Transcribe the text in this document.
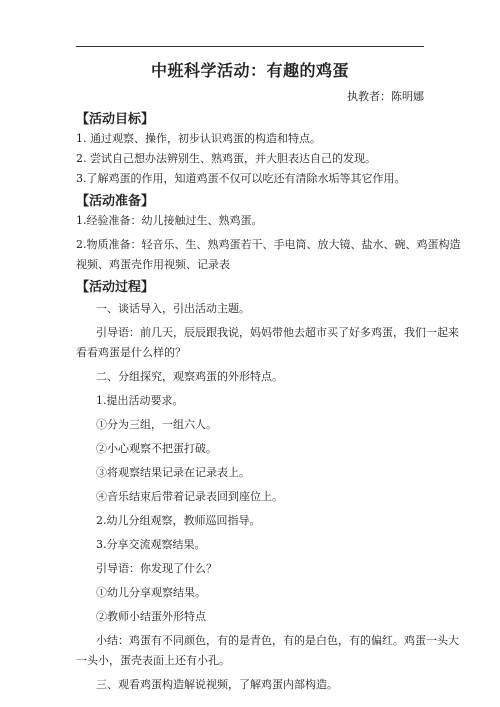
中班科学活动：有趣的鸡蛋
执教者：陈明娜
【活动目标】
1. 通过观察、操作，初步认识鸡蛋的构造和特点。
2. 尝试自己想办法辨别生、熟鸡蛋，并大胆表达自己的发现。
3.了解鸡蛋的作用，知道鸡蛋不仅可以吃还有清除水垢等其它作用。
【活动准备】
1.经验准备：幼儿接触过生、熟鸡蛋。
2.物质准备：轻音乐、生、熟鸡蛋若干、手电筒、放大镜、盐水、碗、鸡蛋构造
视频、鸡蛋壳作用视频、记录表
【活动过程】
一、谈话导入，引出活动主题。
引导语：前几天，辰辰跟我说，妈妈带他去超市买了好多鸡蛋，我们一起来
看看鸡蛋是什么样的？
二、分组探究，观察鸡蛋的外形特点。
1.提出活动要求。
①分为三组，一组六人。
②小心观察不把蛋打破。
③将观察结果记录在记录表上。
④音乐结束后带着记录表回到座位上。
2.幼儿分组观察，教师巡回指导。
3.分享交流观察结果。
引导语：你发现了什么？
①幼儿分享观察结果。
②教师小结蛋外形特点
小结：鸡蛋有不同颜色，有的是青色，有的是白色，有的偏红。鸡蛋一头大
一头小，蛋壳表面上还有小孔。
三、观看鸡蛋构造解说视频，了解鸡蛋内部构造。
